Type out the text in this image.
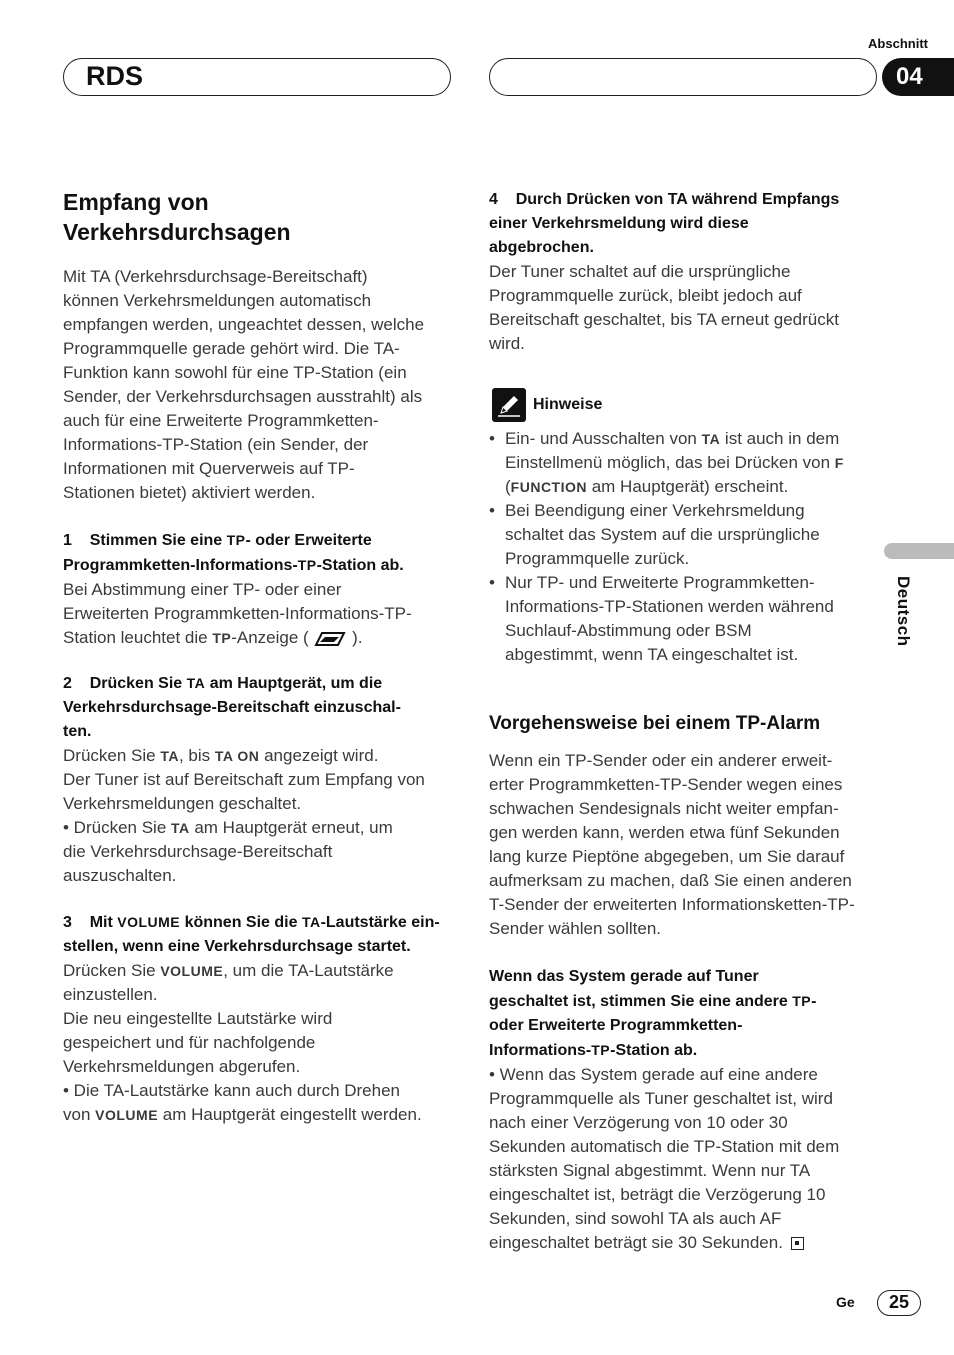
Abschnitt
RDS	04
Deutsch
Empfang von
Verkehrsdurchsagen

Mit TA (Verkehrsdurchsage-Bereitschaft)

können Verkehrsmeldungen automatisch

empfangen werden, ungeachtet dessen, welche

Programmquelle gerade gehört wird. Die TA-

Funktion kann sowohl für eine TP-Station (ein

Sender, der Verkehrsdurchsagen ausstrahlt) als

auch für eine Erweiterte Programmketten-

Informations-TP-Station (ein Sender, der

Informationen mit Querverweis auf TP-

Stationen bietet) aktiviert werden.

1 Stimmen Sie eine TP- oder Erweiterte

Programmketten-Informations-TP-Station ab.

Bei Abstimmung einer TP- oder einer

Erweiterten Programmketten-Informations-TP-

Station leuchtet die TP-Anzeige (  ).

2 Drücken Sie TA am Hauptgerät, um die

Verkehrsdurchsage-Bereitschaft einzuschal-

ten.

Drücken Sie TA, bis TA ON angezeigt wird.

Der Tuner ist auf Bereitschaft zum Empfang von

Verkehrsmeldungen geschaltet.

• Drücken Sie TA am Hauptgerät erneut, um

die Verkehrsdurchsage-Bereitschaft

auszuschalten.

3 Mit VOLUME können Sie die TA-Lautstärke ein-

stellen, wenn eine Verkehrsdurchsage startet.

Drücken Sie VOLUME, um die TA-Lautstärke

einzustellen.

Die neu eingestellte Lautstärke wird

gespeichert und für nachfolgende

Verkehrsmeldungen abgerufen.

• Die TA-Lautstärke kann auch durch Drehen

von VOLUME am Hauptgerät eingestellt werden.

4 Durch Drücken von TA während Empfangs

einer Verkehrsmeldung wird diese

abgebrochen.

Der Tuner schaltet auf die ursprüngliche

Programmquelle zurück, bleibt jedoch auf

Bereitschaft geschaltet, bis TA erneut gedrückt

wird.

Hinweise
• Ein- und Ausschalten von TA ist auch in dem
Einstellmenü möglich, das bei Drücken von F
(FUNCTION am Hauptgerät) erscheint.
• Bei Beendigung einer Verkehrsmeldung
schaltet das System auf die ursprüngliche
Programmquelle zurück.
• Nur TP- und Erweiterte Programmketten-
Informations-TP-Stationen werden während
Suchlauf-Abstimmung oder BSM
abgestimmt, wenn TA eingeschaltet ist.
Vorgehensweise bei einem TP-Alarm

Wenn ein TP-Sender oder ein anderer erweit-

erter Programmketten-TP-Sender wegen eines

schwachen Sendesignals nicht weiter empfan-

gen werden kann, werden etwa fünf Sekunden

lang kurze Pieptöne abgegeben, um Sie darauf

aufmerksam zu machen, daß Sie einen anderen

T-Sender der erweiterten Informationsketten-TP-

Sender wählen sollten.

Wenn das System gerade auf Tuner

geschaltet ist, stimmen Sie eine andere TP-

oder Erweiterte Programmketten-

Informations-TP-Station ab.

• Wenn das System gerade auf eine andere

Programmquelle als Tuner geschaltet ist, wird

nach einer Verzögerung von 10 oder 30

Sekunden automatisch die TP-Station mit dem

stärksten Signal abgestimmt. Wenn nur TA

eingeschaltet ist, beträgt die Verzögerung 10

Sekunden, sind sowohl TA als auch AF

eingeschaltet beträgt sie 30 Sekunden.

Ge	25
